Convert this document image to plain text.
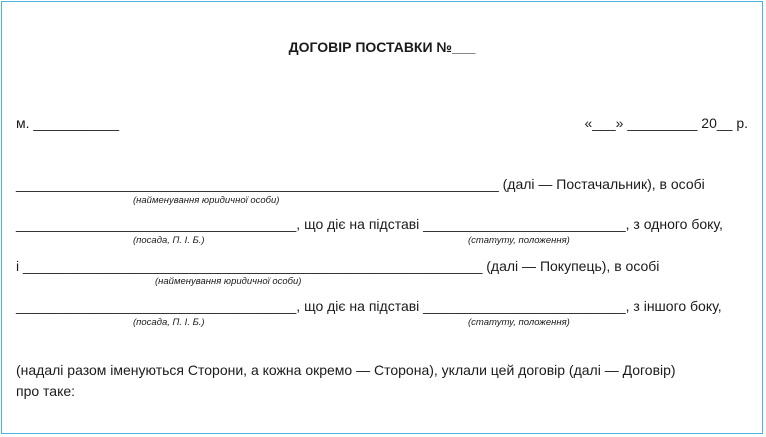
ДОГОВІР ПОСТАВКИ №___
м. ___________	«___» _________ 20__ р.
______________________________________________________________ (далі — Постачальник), в особі
(найменування юридичної особи)
____________________________________, що діє на підставі __________________________, з одного боку,
(посада, П. І. Б.)	(статуту, положення)
і ___________________________________________________________ (далі — Покупець), в особі
(найменування юридичної особи)
____________________________________, що діє на підставі __________________________, з іншого боку,
(посада, П. І. Б.)	(статуту, положення)
(надалі разом іменуються Сторони, а кожна окремо — Сторона), уклали цей договір (далі — Договір)
про таке:
